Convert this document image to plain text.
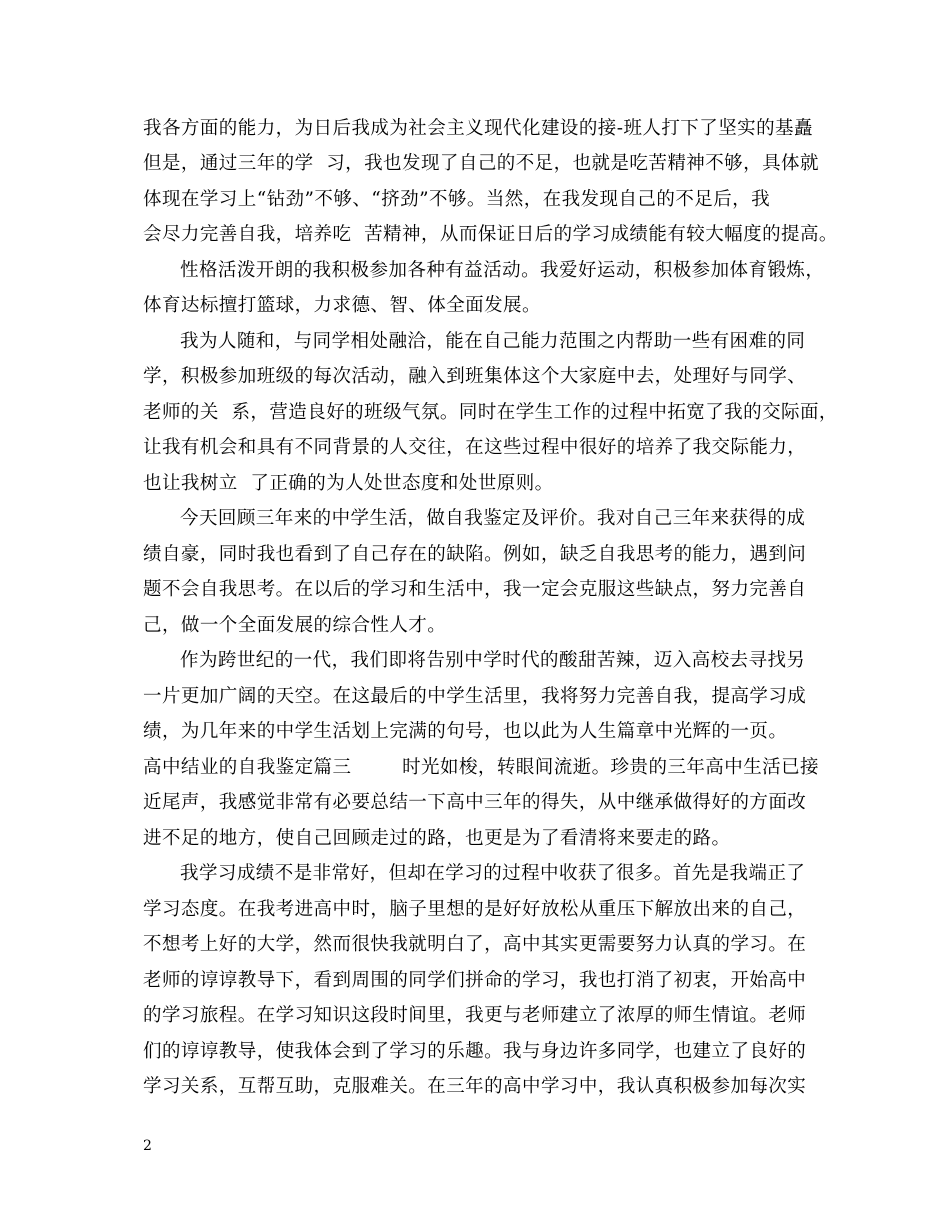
我各方面的能力，为日后我成为社会主义现代化建设的接-班人打下了坚实的基矗
但是，通过三年的学  习，我也发现了自己的不足，也就是吃苦精神不够，具体就
体现在学习上“钻劲”不够、“挤劲”不够。当然，在我发现自己的不足后，我
会尽力完善自我，培养吃  苦精神，从而保证日后的学习成绩能有较大幅度的提高。
性格活泼开朗的我积极参加各种有益活动。我爱好运动，积极参加体育锻炼，
体育达标擅打篮球，力求德、智、体全面发展。
我为人随和，与同学相处融洽，能在自己能力范围之内帮助一些有困难的同
学，积极参加班级的每次活动，融入到班集体这个大家庭中去，处理好与同学、
老师的关  系，营造良好的班级气氛。同时在学生工作的过程中拓宽了我的交际面，
让我有机会和具有不同背景的人交往，在这些过程中很好的培养了我交际能力，
也让我树立  了正确的为人处世态度和处世原则。
今天回顾三年来的中学生活，做自我鉴定及评价。我对自己三年来获得的成
绩自豪，同时我也看到了自己存在的缺陷。例如，缺乏自我思考的能力，遇到问
题不会自我思考。在以后的学习和生活中，我一定会克服这些缺点，努力完善自
己，做一个全面发展的综合性人才。
作为跨世纪的一代，我们即将告别中学时代的酸甜苦辣，迈入高校去寻找另
一片更加广阔的天空。在这最后的中学生活里，我将努力完善自我，提高学习成
绩，为几年来的中学生活划上完满的句号，也以此为人生篇章中光辉的一页。
高中结业的自我鉴定篇三        时光如梭，转眼间流逝。珍贵的三年高中生活已接
近尾声，我感觉非常有必要总结一下高中三年的得失，从中继承做得好的方面改
进不足的地方，使自己回顾走过的路，也更是为了看清将来要走的路。
我学习成绩不是非常好，但却在学习的过程中收获了很多。首先是我端正了
学习态度。在我考进高中时，脑子里想的是好好放松从重压下解放出来的自己，
不想考上好的大学，然而很快我就明白了，高中其实更需要努力认真的学习。在
老师的谆谆教导下，看到周围的同学们拼命的学习，我也打消了初衷，开始高中
的学习旅程。在学习知识这段时间里，我更与老师建立了浓厚的师生情谊。老师
们的谆谆教导，使我体会到了学习的乐趣。我与身边许多同学，也建立了良好的
学习关系，互帮互助，克服难关。在三年的高中学习中，我认真积极参加每次实
2
